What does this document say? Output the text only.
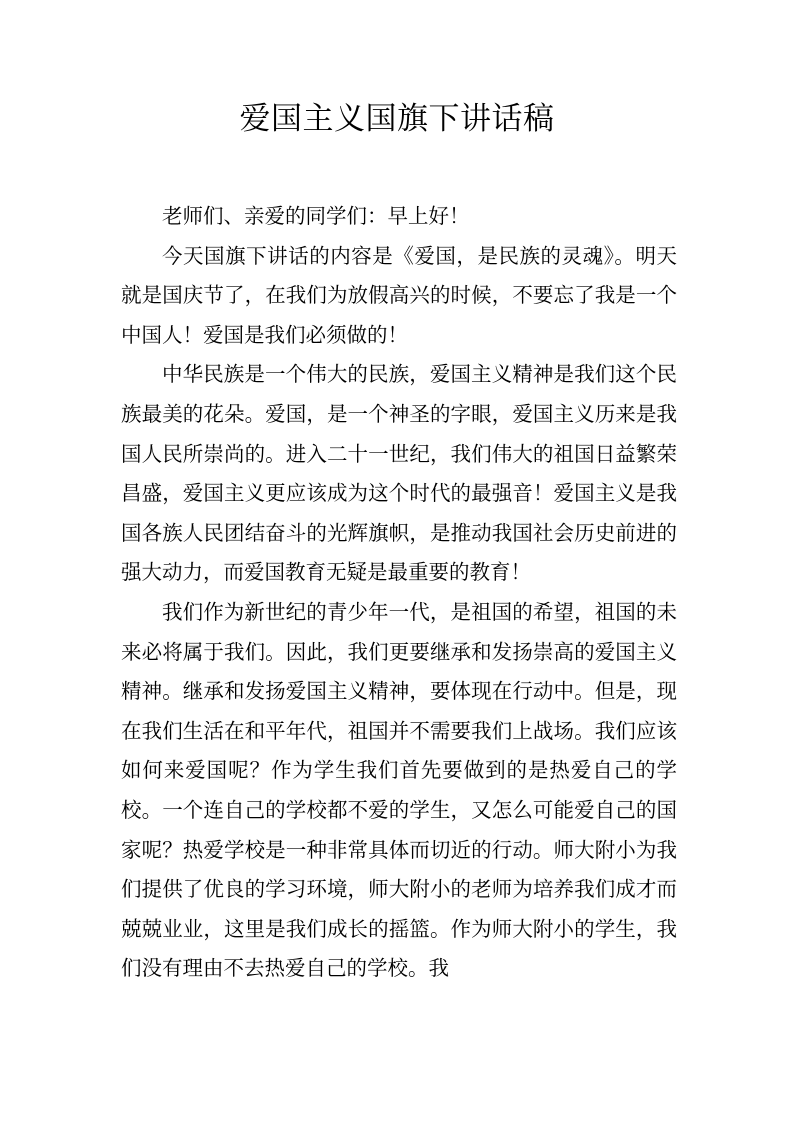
爱国主义国旗下讲话稿

老师们、亲爱的同学们：早上好！

今天国旗下讲话的内容是《爱国，是民族的灵魂》。明天就是国庆节了，在我们为放假高兴的时候，不要忘了我是一个中国人！爱国是我们必须做的！

中华民族是一个伟大的民族，爱国主义精神是我们这个民族最美的花朵。爱国，是一个神圣的字眼，爱国主义历来是我国人民所崇尚的。进入二十一世纪，我们伟大的祖国日益繁荣昌盛，爱国主义更应该成为这个时代的最强音！爱国主义是我国各族人民团结奋斗的光辉旗帜，是推动我国社会历史前进的强大动力，而爱国教育无疑是最重要的教育！

我们作为新世纪的青少年一代，是祖国的希望，祖国的未来必将属于我们。因此，我们更要继承和发扬崇高的爱国主义精神。继承和发扬爱国主义精神，要体现在行动中。但是，现在我们生活在和平年代，祖国并不需要我们上战场。我们应该如何来爱国呢？作为学生我们首先要做到的是热爱自己的学校。一个连自己的学校都不爱的学生，又怎么可能爱自己的国家呢？热爱学校是一种非常具体而切近的行动。师大附小为我们提供了优良的学习环境，师大附小的老师为培养我们成才而兢兢业业，这里是我们成长的摇篮。作为师大附小的学生，我们没有理由不去热爱自己的学校。我
